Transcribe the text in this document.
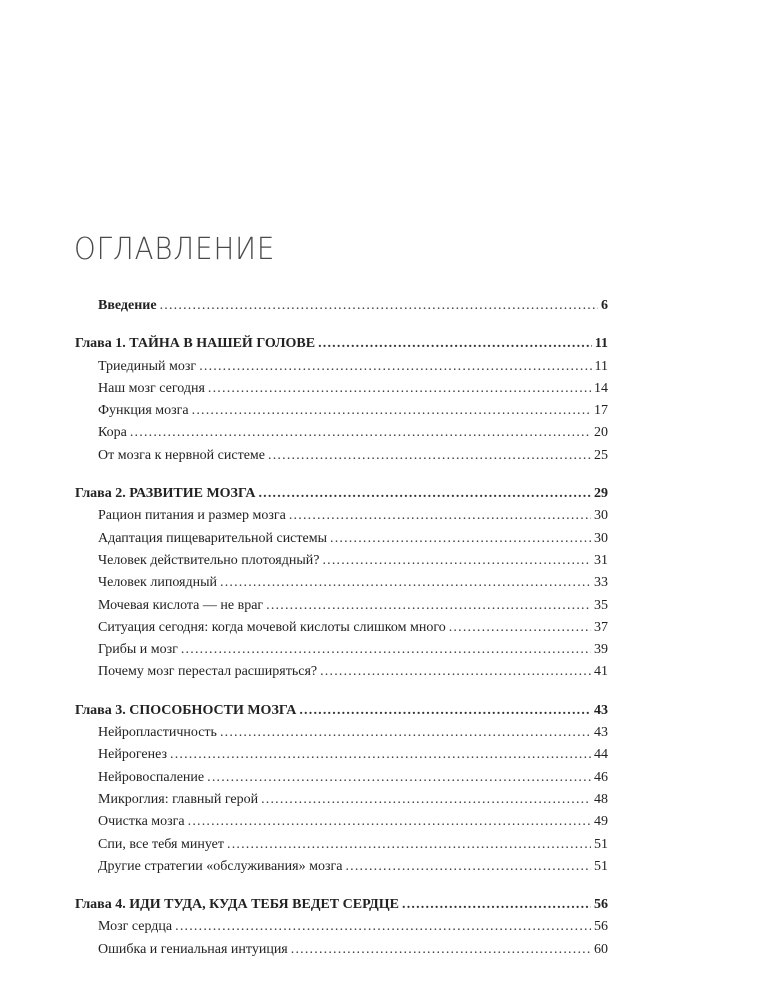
ОГЛАВЛЕНИЕ
Введение .....	6
Глава 1. ТАЙНА В НАШЕЙ ГОЛОВЕ .....	11
Триединый мозг .....	11
Наш мозг сегодня .....	14
Функция мозга .....	17
Кора .....	20
От мозга к нервной системе .....	25
Глава 2. РАЗВИТИЕ МОЗГА .....	29
Рацион питания и размер мозга .....	30
Адаптация пищеварительной системы .....	30
Человек действительно плотоядный? .....	31
Человек липоядный .....	33
Мочевая кислота — не враг .....	35
Ситуация сегодня: когда мочевой кислоты слишком много .....	37
Грибы и мозг .....	39
Почему мозг перестал расширяться? .....	41
Глава 3. СПОСОБНОСТИ МОЗГА .....	43
Нейропластичность .....	43
Нейрогенез .....	44
Нейровоспаление .....	46
Микроглия: главный герой .....	48
Очистка мозга .....	49
Спи, все тебя минует .....	51
Другие стратегии «обслуживания» мозга .....	51
Глава 4. ИДИ ТУДА, КУДА ТЕБЯ ВЕДЕТ СЕРДЦЕ .....	56
Мозг сердца .....	56
Ошибка и гениальная интуиция .....	60
